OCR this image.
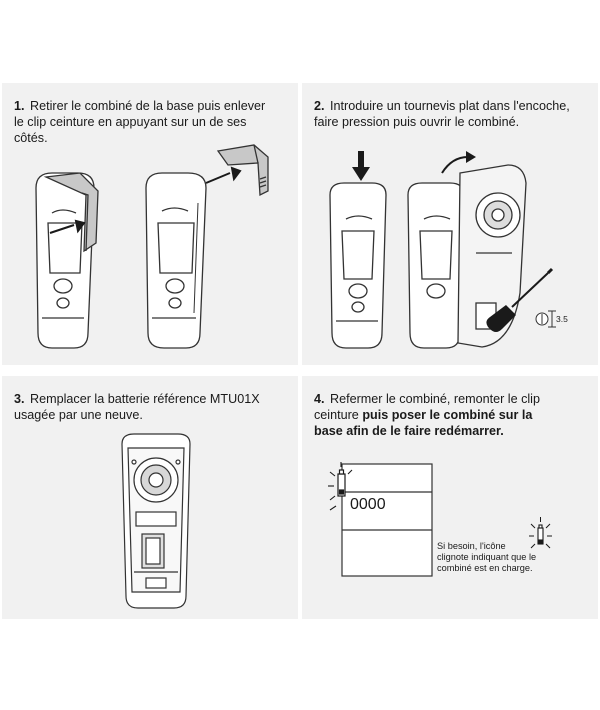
1. Retirer le combiné de la base puis enlever
le clip ceinture en appuyant sur un de ses
côtés.

2. Introduire un tournevis plat dans l'encoche,
faire pression puis ouvrir le combiné.

3.5

3. Remplacer la batterie référence MTU01X
usagée par une neuve.

4. Refermer le combiné, remonter le clip
ceinture puis poser le combiné sur la
base afin de le faire redémarrer.

0000
Si besoin, l'icône
clignote indiquant que le
combiné est en charge.
